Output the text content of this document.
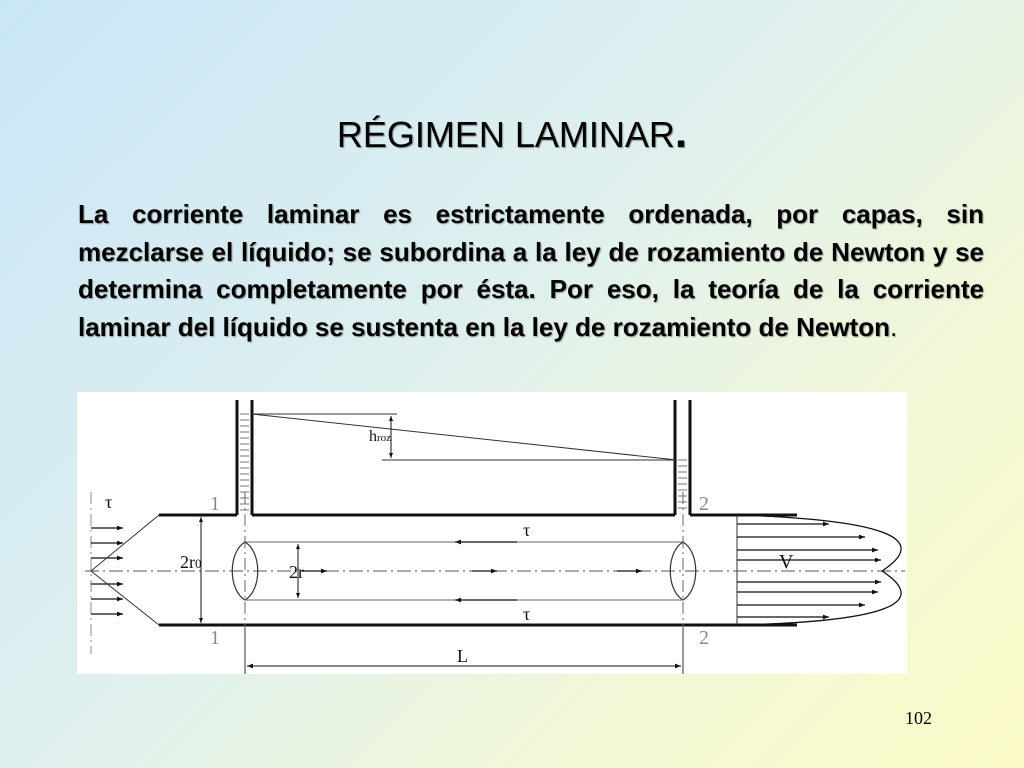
RÉGIMEN LAMINAR.
La corriente laminar es estrictamente ordenada, por capas, sin mezclarse el líquido; se subordina a la ley de rozamiento de Newton y se determina completamente por ésta. Por eso, la teoría de la corriente laminar del líquido se sustenta en la ley de rozamiento de Newton.
hroz
1
1
2
2
τ
τ
2r0	2r
L
τ
V
102
